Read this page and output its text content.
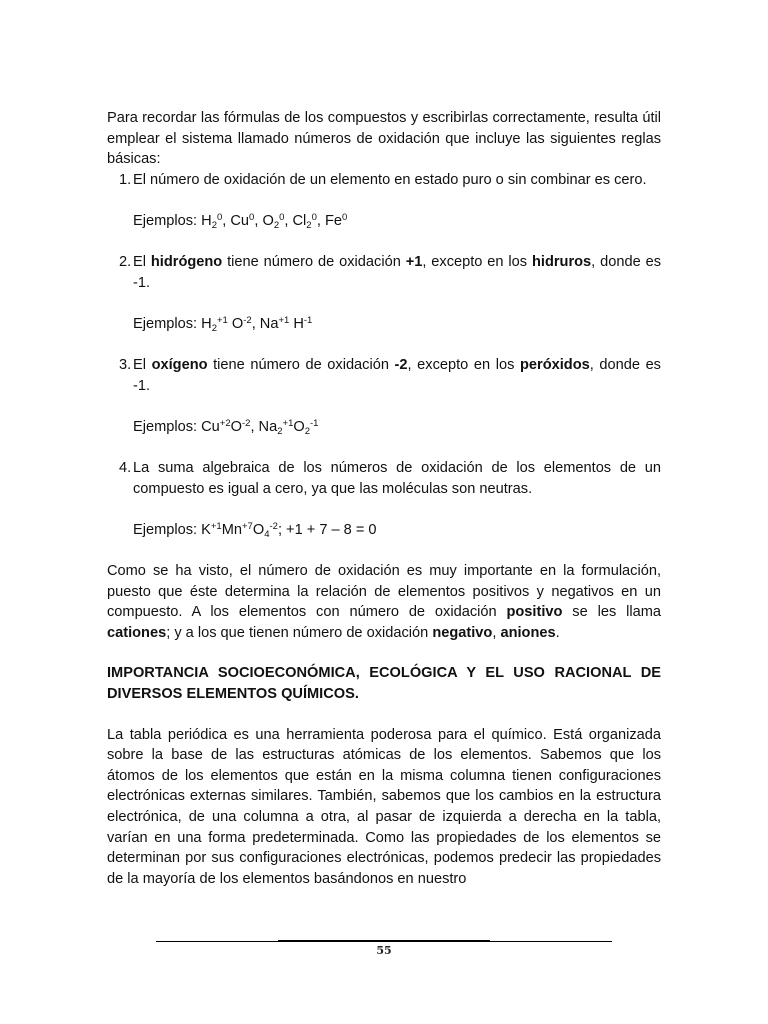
Para recordar las fórmulas de los compuestos y escribirlas correctamente, resulta útil emplear el sistema llamado números de oxidación que incluye las siguientes reglas básicas:

1. El número de oxidación de un elemento en estado puro o sin combinar es cero.

Ejemplos: $H_2^0$, Cu$^0$, $O_2^0$, $Cl_2^0$, Fe$^0$
2. El hidrógeno tiene número de oxidación +1, excepto en los hidruros, donde es -1.

Ejemplos: $H_2^{+1}$ $O^{-2}$, $Na^{+1}$ $H^{-1}$
3. El oxígeno tiene número de oxidación -2, excepto en los peróxidos, donde es -1.

Ejemplos: $Cu^{+2}O^{-2}$, $Na_2^{+1}O_2^{-1}$
4. La suma algebraica de los números de oxidación de los elementos de un compuesto es igual a cero, ya que las moléculas son neutras.

Ejemplos: $K^{+1}Mn^{+7}O_4^{-2}$; +1 + 7 – 8 = 0

Como se ha visto, el número de oxidación es muy importante en la formulación, puesto que éste determina la relación de elementos positivos y negativos en un compuesto. A los elementos con número de oxidación positivo se les llama cationes; y a los que tienen número de oxidación negativo, aniones.

IMPORTANCIA SOCIOECONÓMICA, ECOLÓGICA Y EL USO RACIONAL DE DIVERSOS ELEMENTOS QUÍMICOS.

La tabla periódica es una herramienta poderosa para el químico. Está organizada sobre la base de las estructuras atómicas de los elementos. Sabemos que los átomos de los elementos que están en la misma columna tienen configuraciones electrónicas externas similares. También, sabemos que los cambios en la estructura electrónica, de una columna a otra, al pasar de izquierda a derecha en la tabla, varían en una forma predeterminada. Como las propiedades de los elementos se determinan por sus configuraciones electrónicas, podemos predecir las propiedades de la mayoría de los elementos basándonos en nuestro

55
